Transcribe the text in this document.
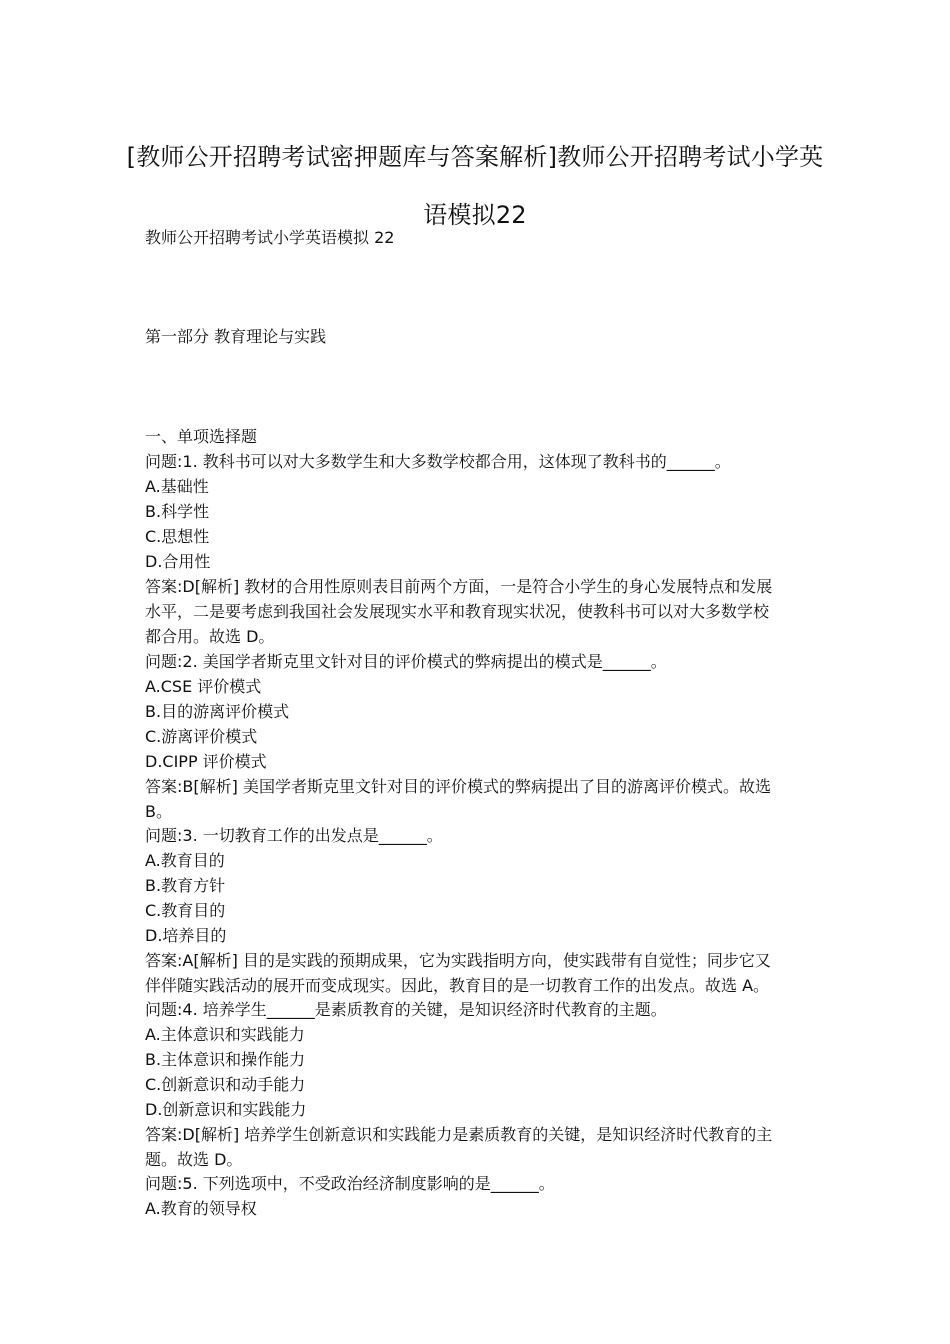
[教师公开招聘考试密押题库与答案解析]教师公开招聘考试小学英
语模拟22
教师公开招聘考试小学英语模拟 22
第一部分 教育理论与实践
一、单项选择题
问题:1. 教科书可以对大多数学生和大多数学校都合用，这体现了教科书的______。
A.基础性
B.科学性
C.思想性
D.合用性
答案:D[解析] 教材的合用性原则表目前两个方面，一是符合小学生的身心发展特点和发展
水平，二是要考虑到我国社会发展现实水平和教育现实状况，使教科书可以对大多数学校
都合用。故选 D。
问题:2. 美国学者斯克里文针对目的评价模式的弊病提出的模式是______。
A.CSE 评价模式
B.目的游离评价模式
C.游离评价模式
D.CIPP 评价模式
答案:B[解析] 美国学者斯克里文针对目的评价模式的弊病提出了目的游离评价模式。故选
B。
问题:3. 一切教育工作的出发点是______。
A.教育目的
B.教育方针
C.教育目的
D.培养目的
答案:A[解析] 目的是实践的预期成果，它为实践指明方向，使实践带有自觉性；同步它又
伴伴随实践活动的展开而变成现实。因此，教育目的是一切教育工作的出发点。故选 A。
问题:4. 培养学生______是素质教育的关键，是知识经济时代教育的主题。
A.主体意识和实践能力
B.主体意识和操作能力
C.创新意识和动手能力
D.创新意识和实践能力
答案:D[解析] 培养学生创新意识和实践能力是素质教育的关键，是知识经济时代教育的主
题。故选 D。
问题:5. 下列选项中，不受政治经济制度影响的是______。
A.教育的领导权
